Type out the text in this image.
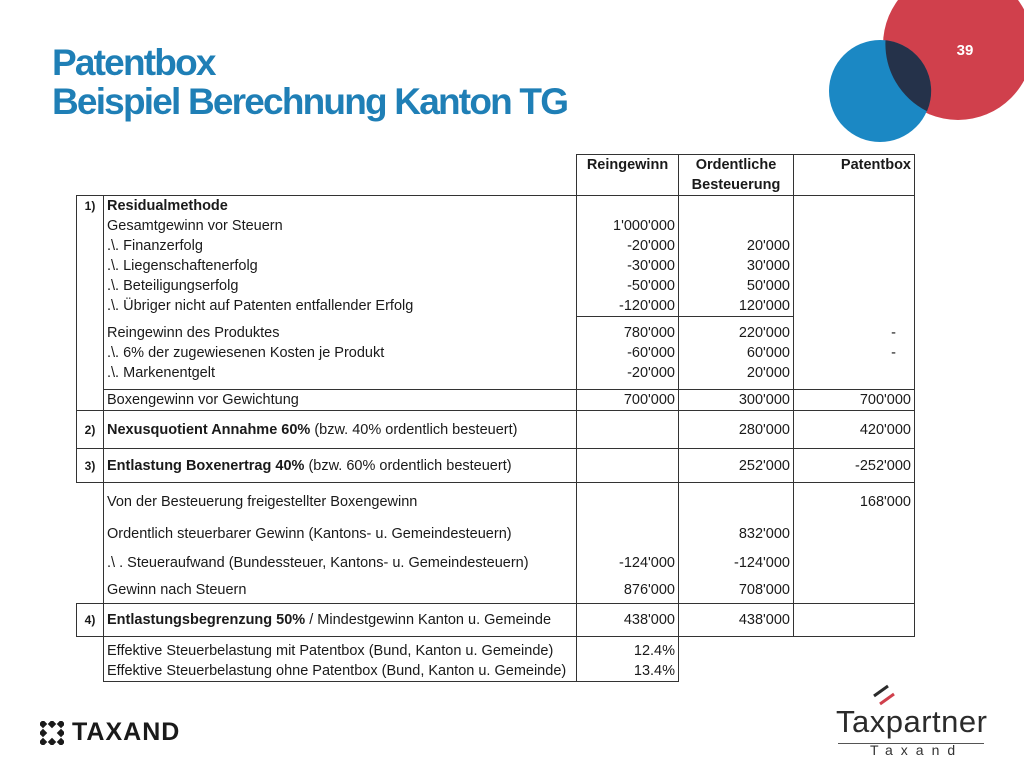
39
Patentbox
Beispiel Berechnung Kanton TG
		Reingewinn	Ordentliche	Patentbox
			Besteuerung	
1)	Residualmethode			
	Gesamtgewinn vor Steuern	1'000'000		
	.\. Finanzerfolg	-20'000	20'000	
	.\. Liegenschaftenerfolg	-30'000	30'000	
	.\. Beteiligungserfolg	-50'000	50'000	
	.\. Übriger nicht auf Patenten entfallender Erfolg	-120'000	120'000	

	Reingewinn des Produktes	780'000	220'000	-
	.\. 6% der zugewiesenen Kosten je Produkt	-60'000	60'000	-
	.\. Markenentgelt	-20'000	20'000	

	Boxengewinn vor Gewichtung	700'000	300'000	700'000
2)	Nexusquotient Annahme 60% (bzw. 40% ordentlich besteuert)		280'000	420'000
3)	Entlastung Boxenertrag 40% (bzw. 60% ordentlich besteuert)		252'000	-252'000
	Von der Besteuerung freigestellter Boxengewinn			168'000
	Ordentlich steuerbarer Gewinn (Kantons- u. Gemeindesteuern)		832'000	
	.\ . Steueraufwand (Bundessteuer, Kantons- u. Gemeindesteuern)	-124'000	-124'000	
	Gewinn nach Steuern	876'000	708'000	
4)	Entlastungsbegrenzung 50% / Mindestgewinn Kanton u. Gemeinde	438'000	438'000	

	Effektive Steuerbelastung mit Patentbox (Bund, Kanton u. Gemeinde)	12.4%		
	Effektive Steuerbelastung ohne Patentbox (Bund, Kanton u. Gemeinde)	13.4%		
TAXAND	Taxpartner
Taxand
